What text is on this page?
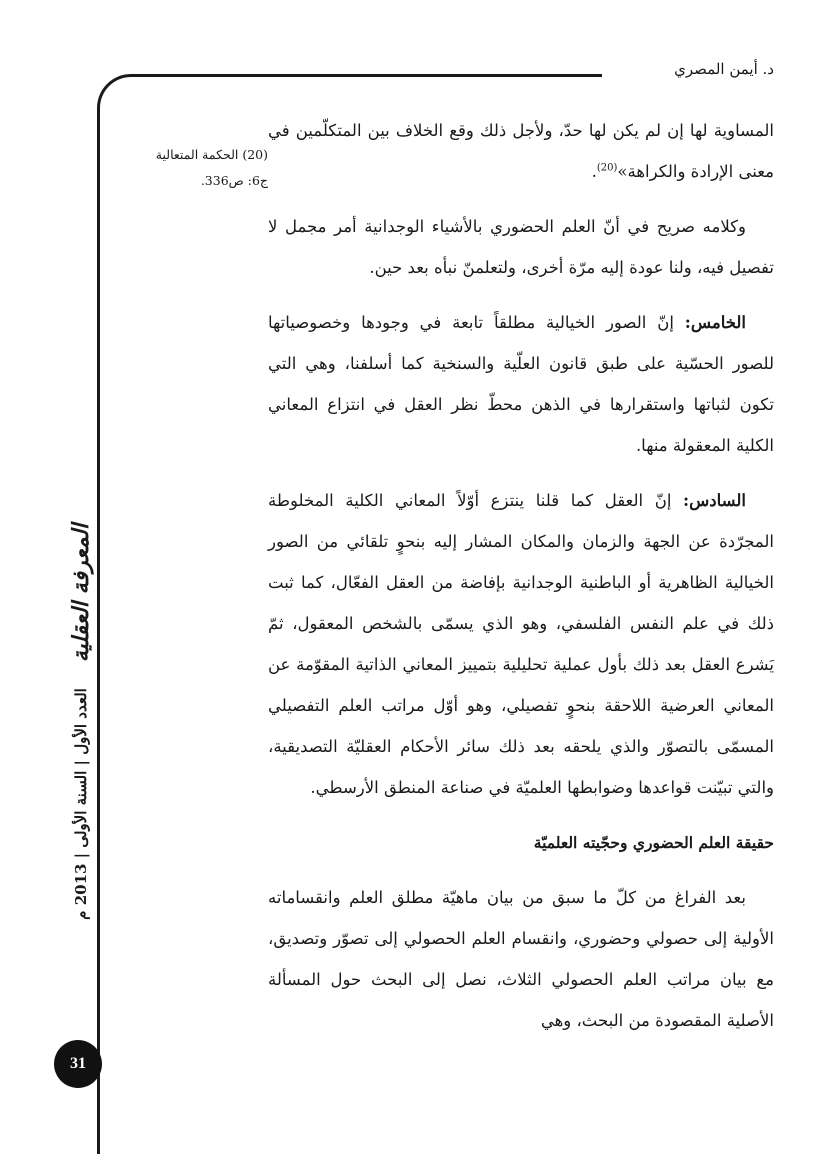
د. أيمن المصري

(20) الحكمة المتعالية

ج6: ص336.

المساوية لها إن لم يكن لها حدّ، ولأجل ذلك وقع الخلاف بين المتكلّمين في معنى الإرادة والكراهة»$^{(20)}$.

وكلامه صريح في أنّ العلم الحضوري بالأشياء الوجدانية أمر مجمل لا تفصيل فيه، ولنا عودة إليه مرّة أخرى، ولتعلمنّ نبأه بعد حين.

الخامس: إنّ الصور الخيالية مطلقاً تابعة في وجودها وخصوصياتها للصور الحسّية على طبق قانون العلّية والسنخية كما أسلفنا، وهي التي تكون لثباتها واستقرارها في الذهن محطّ نظر العقل في انتزاع المعاني الكلية المعقولة منها.

السادس: إنّ العقل كما قلنا ينتزع أوّلاً المعاني الكلية المخلوطة المجرّدة عن الجهة والزمان والمكان المشار إليه بنحوٍ تلقائي من الصور الخيالية الظاهرية أو الباطنية الوجدانية بإفاضة من العقل الفعّال، كما ثبت ذلك في علم النفس الفلسفي، وهو الذي يسمّى بالشخص المعقول، ثمّ يَشرع العقل بعد ذلك بأول عملية تحليلية بتمييز المعاني الذاتية المقوّمة عن المعاني العرضية اللاحقة بنحوٍ تفصيلي، وهو أوّل مراتب العلم التفصيلي المسمّى بالتصوّر والذي يلحقه بعد ذلك سائر الأحكام العقليّة التصديقية، والتي تبيّنت قواعدها وضوابطها العلميّة في صناعة المنطق الأرسطي.

حقيقة العلم الحضوري وحجّيته العلميّة

بعد الفراغ من كلّ ما سبق من بيان ماهيّة مطلق العلم وانقساماته الأولية إلى حصولي وحضوري، وانقسام العلم الحصولي إلى تصوّر وتصديق، مع بيان مراتب العلم الحصولي الثلاث، نصل إلى البحث حول المسألة الأصلية المقصودة من البحث، وهي

المعرفة العقلية
العدد الأول | السنة الأولى | 2013 م
31
